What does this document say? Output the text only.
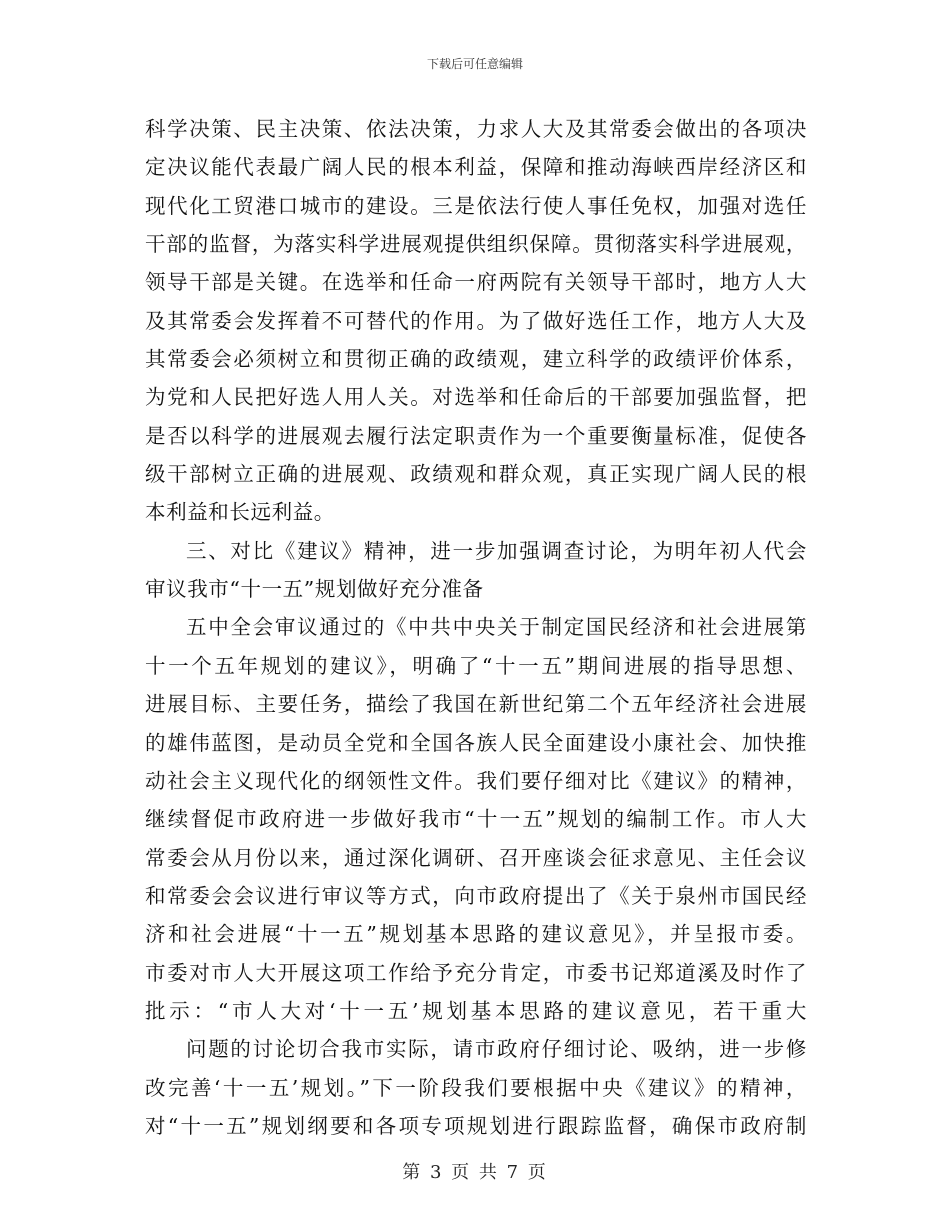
下载后可任意编辑
科学决策、民主决策、依法决策，力求人大及其常委会做出的各项决
定决议能代表最广阔人民的根本利益，保障和推动海峡西岸经济区和
现代化工贸港口城市的建设。三是依法行使人事任免权，加强对选任
干部的监督，为落实科学进展观提供组织保障。贯彻落实科学进展观，
领导干部是关键。在选举和任命一府两院有关领导干部时，地方人大
及其常委会发挥着不可替代的作用。为了做好选任工作，地方人大及
其常委会必须树立和贯彻正确的政绩观，建立科学的政绩评价体系，
为党和人民把好选人用人关。对选举和任命后的干部要加强监督，把
是否以科学的进展观去履行法定职责作为一个重要衡量标准，促使各
级干部树立正确的进展观、政绩观和群众观，真正实现广阔人民的根
本利益和长远利益。
三、对比《建议》精神，进一步加强调查讨论，为明年初人代会
审议我市“十一五”规划做好充分准备
五中全会审议通过的《中共中央关于制定国民经济和社会进展第
十一个五年规划的建议》，明确了“十一五”期间进展的指导思想、
进展目标、主要任务，描绘了我国在新世纪第二个五年经济社会进展
的雄伟蓝图，是动员全党和全国各族人民全面建设小康社会、加快推
动社会主义现代化的纲领性文件。我们要仔细对比《建议》的精神，
继续督促市政府进一步做好我市“十一五”规划的编制工作。市人大
常委会从月份以来，通过深化调研、召开座谈会征求意见、主任会议
和常委会会议进行审议等方式，向市政府提出了《关于泉州市国民经
济和社会进展“十一五”规划基本思路的建议意见》，并呈报市委。
市委对市人大开展这项工作给予充分肯定，市委书记郑道溪及时作了
批示：“市人大对‘十一五’规划基本思路的建议意见，若干重大
问题的讨论切合我市实际，请市政府仔细讨论、吸纳，进一步修
改完善‘十一五’规划。”下一阶段我们要根据中央《建议》的精神，
对“十一五”规划纲要和各项专项规划进行跟踪监督，确保市政府制
第 3 页 共 7 页
